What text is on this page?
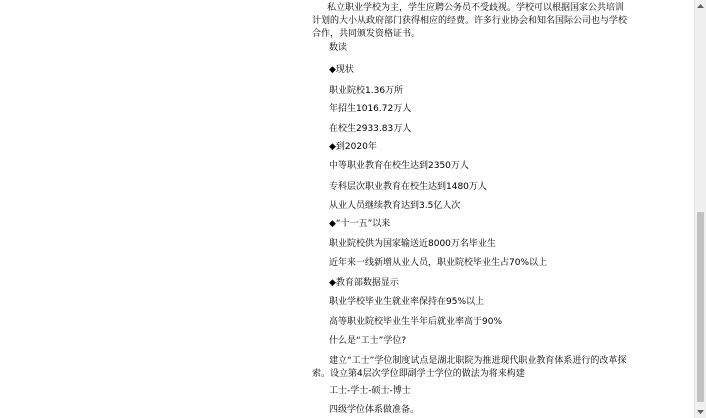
私立职业学校为主，学生应聘公务员不受歧视。学校可以根据国家公共培训计划的大小从政府部门获得相应的经费。许多行业协会和知名国际公司也与学校合作，共同颁发资格证书。

数读

◆现状

职业院校1.36万所

年招生1016.72万人

在校生2933.83万人

◆到2020年

中等职业教育在校生达到2350万人

专科层次职业教育在校生达到1480万人

从业人员继续教育达到3.5亿人次

◆“十一五”以来

职业院校供为国家输送近8000万名毕业生

近年来一线新增从业人员，职业院校毕业生占70%以上

◆教育部数据显示

职业学校毕业生就业率保持在95%以上

高等职业院校毕业生半年后就业率高于90%

什么是“工士”学位?

建立“工士”学位制度试点是湖北职院为推进现代职业教育体系进行的改革探索。设立第4层次学位即副学士学位的做法为将来构建

工士-学士-硕士-博士

四级学位体系做准备。
